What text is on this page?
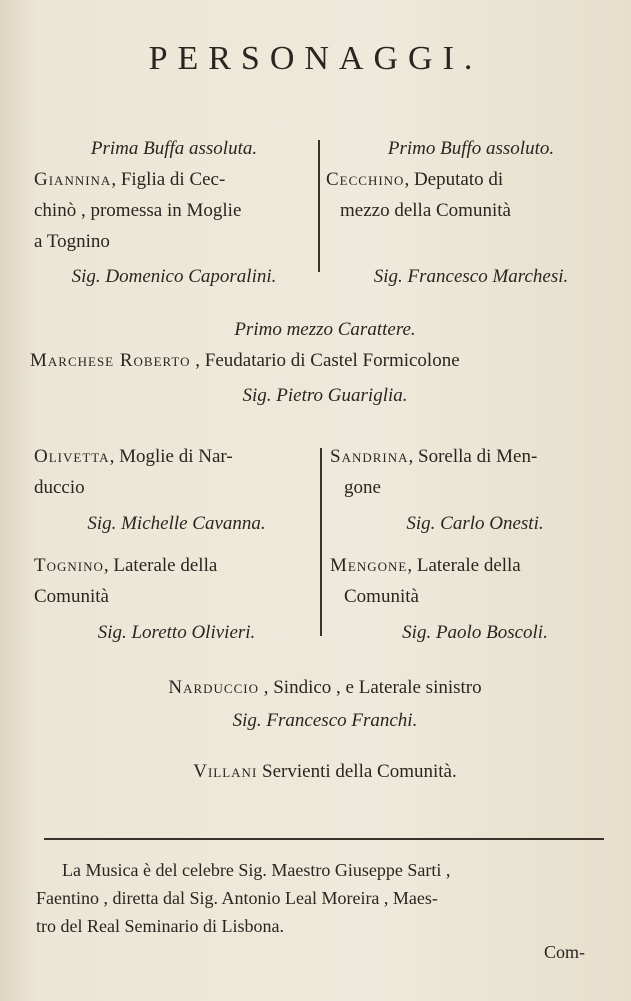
PERSONAGGI.
Prima Buffa assoluta.
Giannina, Figlia di Cec-
chinò , promessa in Moglie
a Tognino
Sig. Domenico Caporalini.
Primo Buffo assoluto.
Cecchino, Deputato di
mezzo della Comunità
Sig. Francesco Marchesi.
Primo mezzo Carattere.
Marchese Roberto , Feudatario di Castel Formicolone
Sig. Pietro Guariglia.
Olivetta, Moglie di Nar-
duccio
Sig. Michelle Cavanna.
Sandrina, Sorella di Men-
gone
Sig. Carlo Onesti.
Tognino, Laterale della
Comunità
Sig. Loretto Olivieri.
Mengone, Laterale della
Comunità
Sig. Paolo Boscoli.
Narduccio , Sindico , e Laterale sinistro
Sig. Francesco Franchi.
Villani Servienti della Comunità.
La Musica è del celebre Sig. Maestro Giuseppe Sarti ,
Faentino , diretta dal Sig. Antonio Leal Moreira , Maes-
tro del Real Seminario di Lisbona.
Com-
